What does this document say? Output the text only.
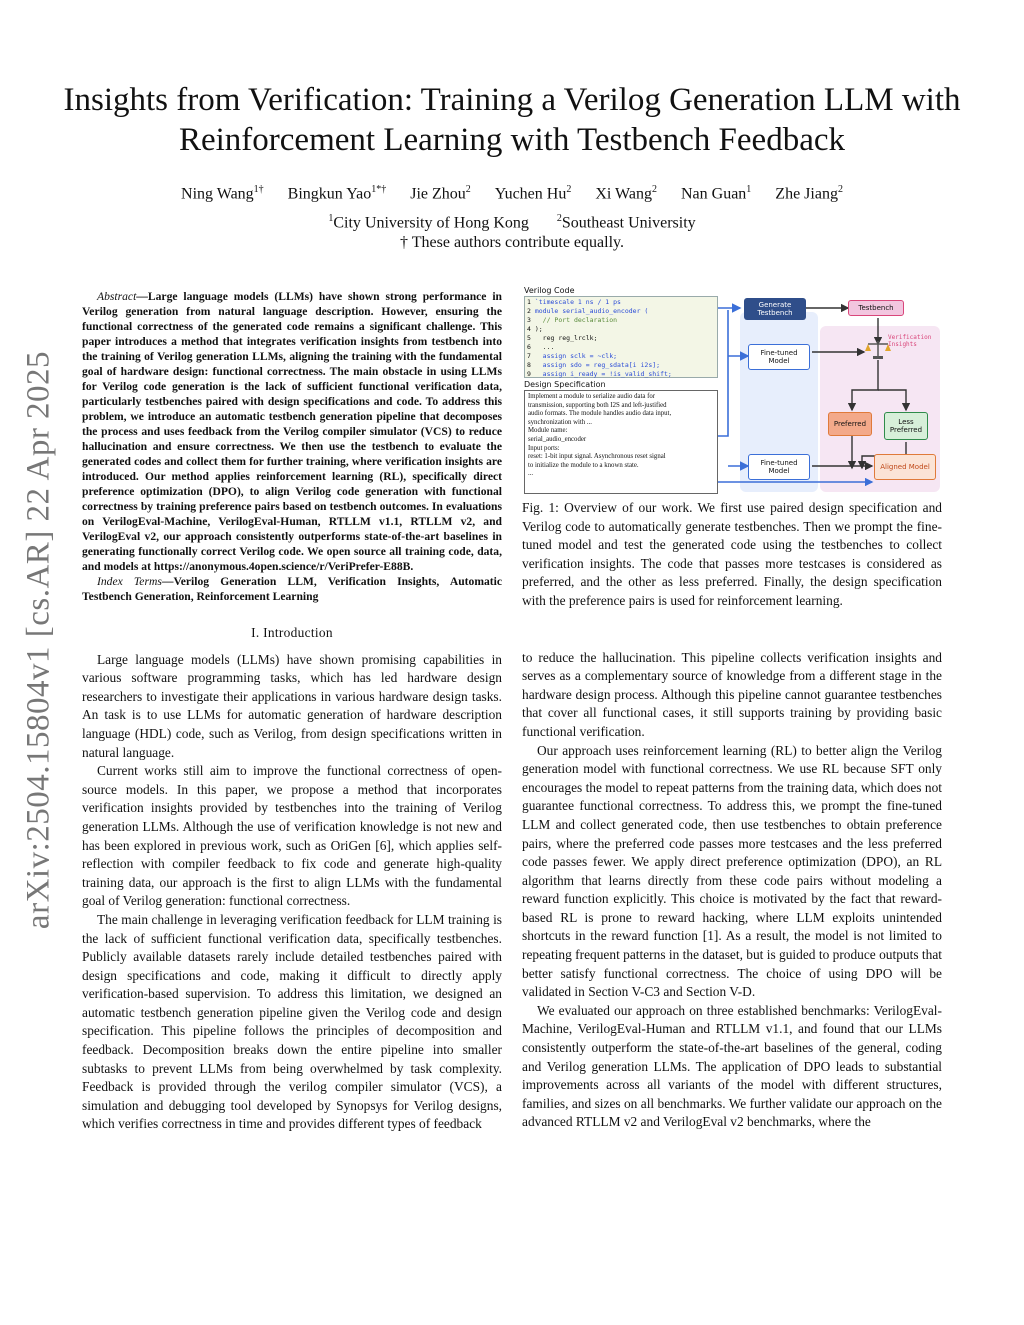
arXiv:2504.15804v1 [cs.AR] 22 Apr 2025
Insights from Verification: Training a Verilog Generation LLM with Reinforcement Learning with Testbench Feedback
Ning Wang$^{1\dagger}$ Bingkun Yao$^{1*\dagger}$ Jie Zhou$^2$ Yuchen Hu$^2$ Xi Wang$^2$ Nan Guan$^1$ Zhe Jiang$^2$
$^1$City University of Hong Kong	$^2$Southeast University
† These authors contribute equally.

Abstract—Large language models (LLMs) have shown strong performance in Verilog generation from natural language description. However, ensuring the functional correctness of the generated code remains a significant challenge. This paper introduces a method that integrates verification insights from testbench into the training of Verilog generation LLMs, aligning the training with the fundamental goal of hardware design: functional correctness. The main obstacle in using LLMs for Verilog code generation is the lack of sufficient functional verification data, particularly testbenches paired with design specifications and code. To address this problem, we introduce an automatic testbench generation pipeline that decomposes the process and uses feedback from the Verilog compiler simulator (VCS) to reduce hallucination and ensure correctness. We then use the testbench to evaluate the generated codes and collect them for further training, where verification insights are introduced. Our method applies reinforcement learning (RL), specifically direct preference optimization (DPO), to align Verilog code generation with functional correctness by training preference pairs based on testbench outcomes. In evaluations on VerilogEval-Machine, VerilogEval-Human, RTLLM v1.1, RTLLM v2, and VerilogEval v2, our approach consistently outperforms state-of-the-art baselines in generating functionally correct Verilog code. We open source all training code, data, and models at https://anonymous.4open.science/r/VeriPrefer-E88B.

Index Terms—Verilog Generation LLM, Verification Insights, Automatic Testbench Generation, Reinforcement Learning

I. Introduction

Large language models (LLMs) have shown promising capabilities in various software programming tasks, which has led hardware design researchers to investigate their applications in various hardware design tasks. An task is to use LLMs for automatic generation of hardware description language (HDL) code, such as Verilog, from design specifications written in natural language.

Current works still aim to improve the functional correctness of open-source models. In this paper, we propose a method that incorporates verification insights provided by testbenches into the training of Verilog generation LLMs. Although the use of verification knowledge is not new and has been explored in previous work, such as OriGen [6], which applies self-reflection with compiler feedback to fix code and generate high-quality training data, our approach is the first to align LLMs with the fundamental goal of Verilog generation: functional correctness.

The main challenge in leveraging verification feedback for LLM training is the lack of sufficient functional verification data, specifically testbenches. Publicly available datasets rarely include detailed testbenches paired with design specifications and code, making it difficult to directly apply verification-based supervision. To address this limitation, we designed an automatic testbench generation pipeline given the Verilog code and design specification. This pipeline follows the principles of decomposition and feedback. Decomposition breaks down the entire pipeline into smaller subtasks to prevent LLMs from being overwhelmed by task complexity. Feedback is provided through the verilog compiler simulator (VCS), a simulation and debugging tool developed by Synopsys for Verilog designs, which verifies correctness in time and provides different types of feedback

Verilog Code
1 `timescale 1 ns / 1 ps
2 module serial_audio_encoder (
3   // Port declaration
4 );
5   reg reg_lrclk;
6   ...
7   assign sclk = ~clk;
8   assign sdo = reg_sdata[i i2s];
9   assign i_ready = !is_valid_shift;
Design Specification
Implement a module to serialize audio data for
transmission, supporting both I2S and left-justified
audio formats. The module handles audio data input,
synchronization with ...
Module name:
serial_audio_encoder
Input ports:
reset: 1-bit input signal. Asynchronous reset signal
to initialize the module to a known state.
...
Generate Testbench
Testbench
Verification Insights
Fine-tuned Model
Preferred	Less Preferred
Fine-tuned Model	Aligned Model
Fig. 1: Overview of our work. We first use paired design specification and Verilog code to automatically generate testbenches. Then we prompt the fine-tuned model and test the generated code using the testbenches to collect verification insights. The code that passes more testcases is considered as preferred, and the other as less preferred. Finally, the design specification with the preference pairs is used for reinforcement learning.

to reduce the hallucination. This pipeline collects verification insights and serves as a complementary source of knowledge from a different stage in the hardware design process. Although this pipeline cannot guarantee testbenches that cover all functional cases, it still supports training by providing basic functional verification.

Our approach uses reinforcement learning (RL) to better align the Verilog generation model with functional correctness. We use RL because SFT only encourages the model to repeat patterns from the training data, which does not guarantee functional correctness. To address this, we prompt the fine-tuned LLM and collect generated code, then use testbenches to obtain preference pairs, where the preferred code passes more testcases and the less preferred code passes fewer. We apply direct preference optimization (DPO), an RL algorithm that learns directly from these code pairs without modeling a reward function explicitly. This choice is motivated by the fact that reward-based RL is prone to reward hacking, where LLM exploits unintended shortcuts in the reward function [1]. As a result, the model is not limited to repeating frequent patterns in the dataset, but is guided to produce outputs that better satisfy functional correctness. The choice of using DPO will be validated in Section V-C3 and Section V-D.

We evaluated our approach on three established benchmarks: VerilogEval-Machine, VerilogEval-Human and RTLLM v1.1, and found that our LLMs consistently outperform the state-of-the-art baselines of the general, coding and Verilog generation LLMs. The application of DPO leads to substantial improvements across all variants of the model with different structures, families, and sizes on all benchmarks. We further validate our approach on the advanced RTLLM v2 and VerilogEval v2 benchmarks, where the
